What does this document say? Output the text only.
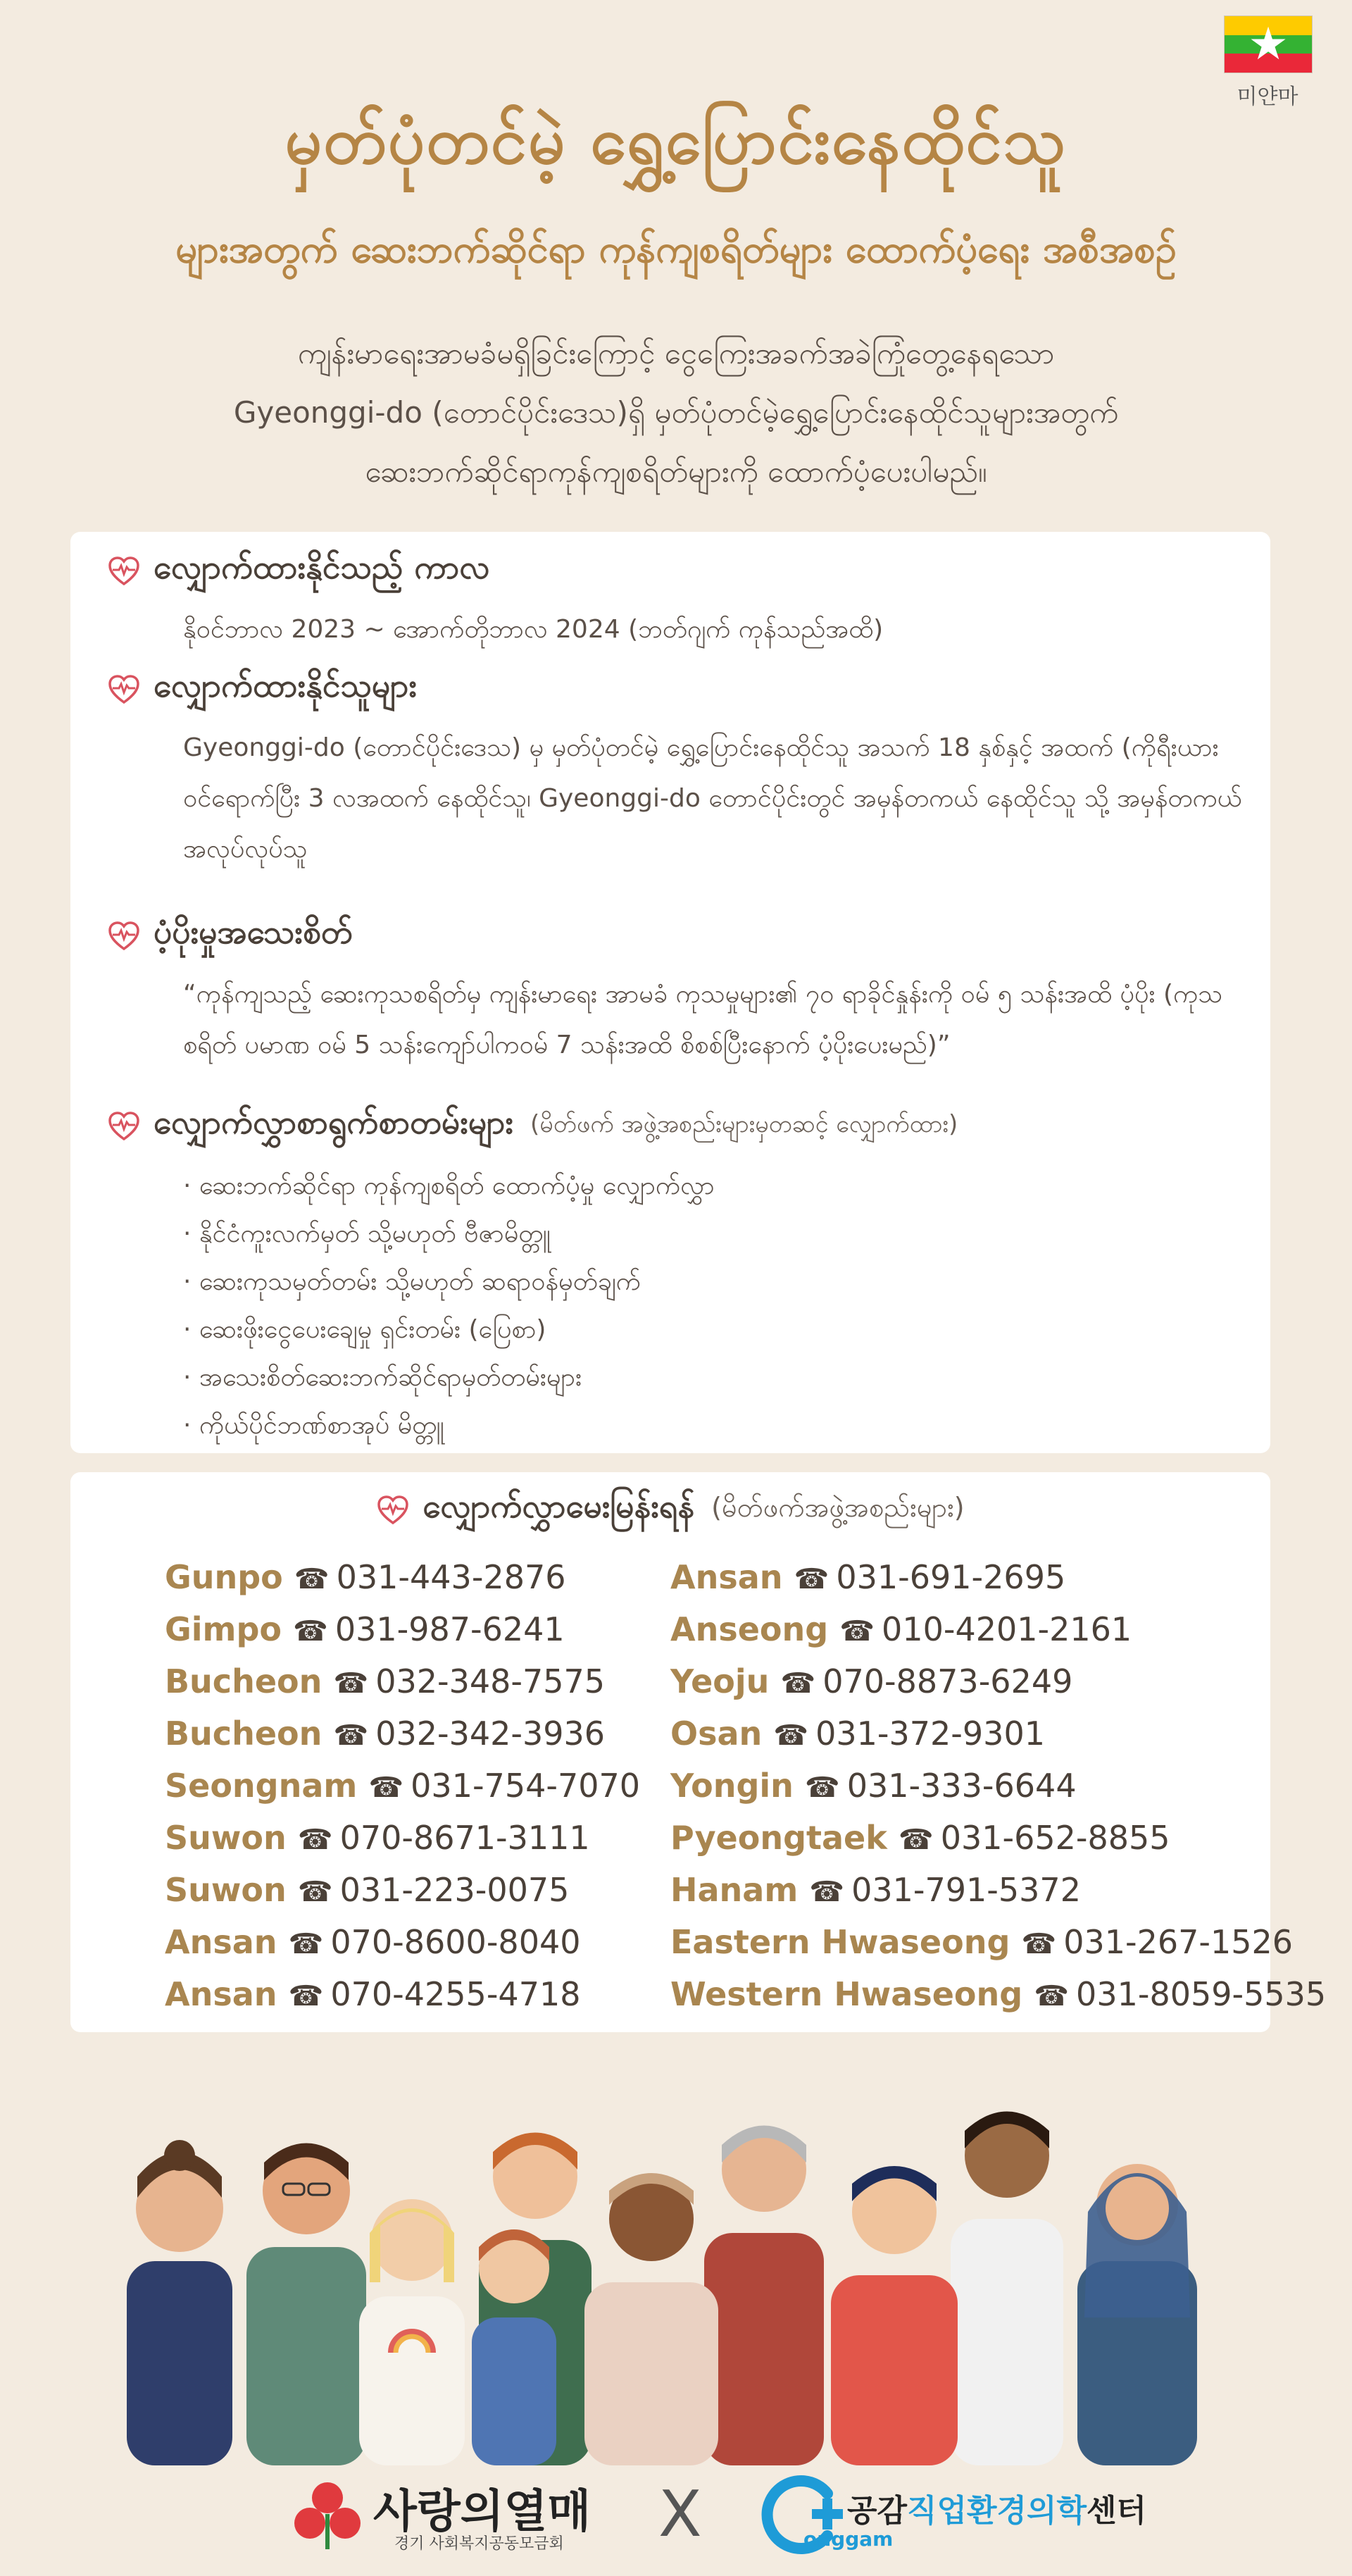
★
미얀마
မှတ်ပုံတင်မဲ့ ရွှေ့ပြောင်းနေထိုင်သူ
များအတွက် ဆေးဘက်ဆိုင်ရာ ကုန်ကျစရိတ်များ ထောက်ပံ့ရေး အစီအစဉ်
ကျန်းမာရေးအာမခံမရှိခြင်းကြောင့် ငွေကြေးအခက်အခဲကြုံတွေ့နေရသော
Gyeonggi-do (တောင်ပိုင်းဒေသ)ရှိ မှတ်ပုံတင်မဲ့ရွှေ့ပြောင်းနေထိုင်သူများအတွက်
ဆေးဘက်ဆိုင်ရာကုန်ကျစရိတ်များကို ထောက်ပံ့ပေးပါမည်။
လျှောက်ထားနိုင်သည့် ကာလ
နိုဝင်ဘာလ 2023 ~ အောက်တိုဘာလ 2024 (ဘတ်ဂျက် ကုန်သည်အထိ)
လျှောက်ထားနိုင်သူများ
Gyeonggi-do (တောင်ပိုင်းဒေသ) မှ မှတ်ပုံတင်မဲ့ ရွှေ့ပြောင်းနေထိုင်သူ အသက် 18 နှစ်နှင့် အထက် (ကိုရီးယား ဝင်ရောက်ပြီး 3 လအထက် နေထိုင်သူ၊ Gyeonggi-do တောင်ပိုင်းတွင် အမှန်တကယ် နေထိုင်သူ သို့ အမှန်တကယ် အလုပ်လုပ်သူ
ပံ့ပိုးမှုအသေးစိတ်
“ကုန်ကျသည့် ဆေးကုသစရိတ်မှ ကျန်းမာရေး အာမခံ ကုသမှုများ၏ ၇၀ ရာခိုင်နှုန်းကို ဝမ် ၅ သန်းအထိ ပံ့ပိုး (ကုသစရိတ် ပမာဏ ဝမ် 5 သန်းကျော်ပါကဝမ် 7 သန်းအထိ စိစစ်ပြီးနောက် ပံ့ပိုးပေးမည်)”
လျှောက်လွှာစာရွက်စာတမ်းများ (မိတ်ဖက် အဖွဲ့အစည်းများမှတဆင့် လျှောက်ထား)
· ဆေးဘက်ဆိုင်ရာ ကုန်ကျစရိတ် ထောက်ပံ့မှု လျှောက်လွှာ
· နိုင်ငံကူးလက်မှတ် သို့မဟုတ် ဗီဇာမိတ္တူ
· ဆေးကုသမှတ်တမ်း သို့မဟုတ် ဆရာဝန်မှတ်ချက်
· ဆေးဖိုးငွေပေးချေမှု ရှင်းတမ်း (ပြေစာ)
· အသေးစိတ်ဆေးဘက်ဆိုင်ရာမှတ်တမ်းများ
· ကိုယ်ပိုင်ဘဏ်စာအုပ် မိတ္တူ
လျှောက်လွှာမေးမြန်းရန် (မိတ်ဖက်အဖွဲ့အစည်းများ)
Gunpo ☎ 031-443-2876
Gimpo ☎ 031-987-6241
Bucheon ☎ 032-348-7575
Bucheon ☎ 032-342-3936
Seongnam ☎ 031-754-7070
Suwon ☎ 070-8671-3111
Suwon ☎ 031-223-0075
Ansan ☎ 070-8600-8040
Ansan ☎ 070-4255-4718
Ansan ☎ 031-691-2695
Anseong ☎ 010-4201-2161
Yeoju ☎ 070-8873-6249
Osan ☎ 031-372-9301
Yongin ☎ 031-333-6644
Pyeongtaek ☎ 031-652-8855
Hanam ☎ 031-791-5372
Eastern Hwaseong ☎ 031-267-1526
Western Hwaseong ☎ 031-8059-5535
사랑의열매
경기 사회복지공동모금회 X	공감직업환경의학센터
onggam
